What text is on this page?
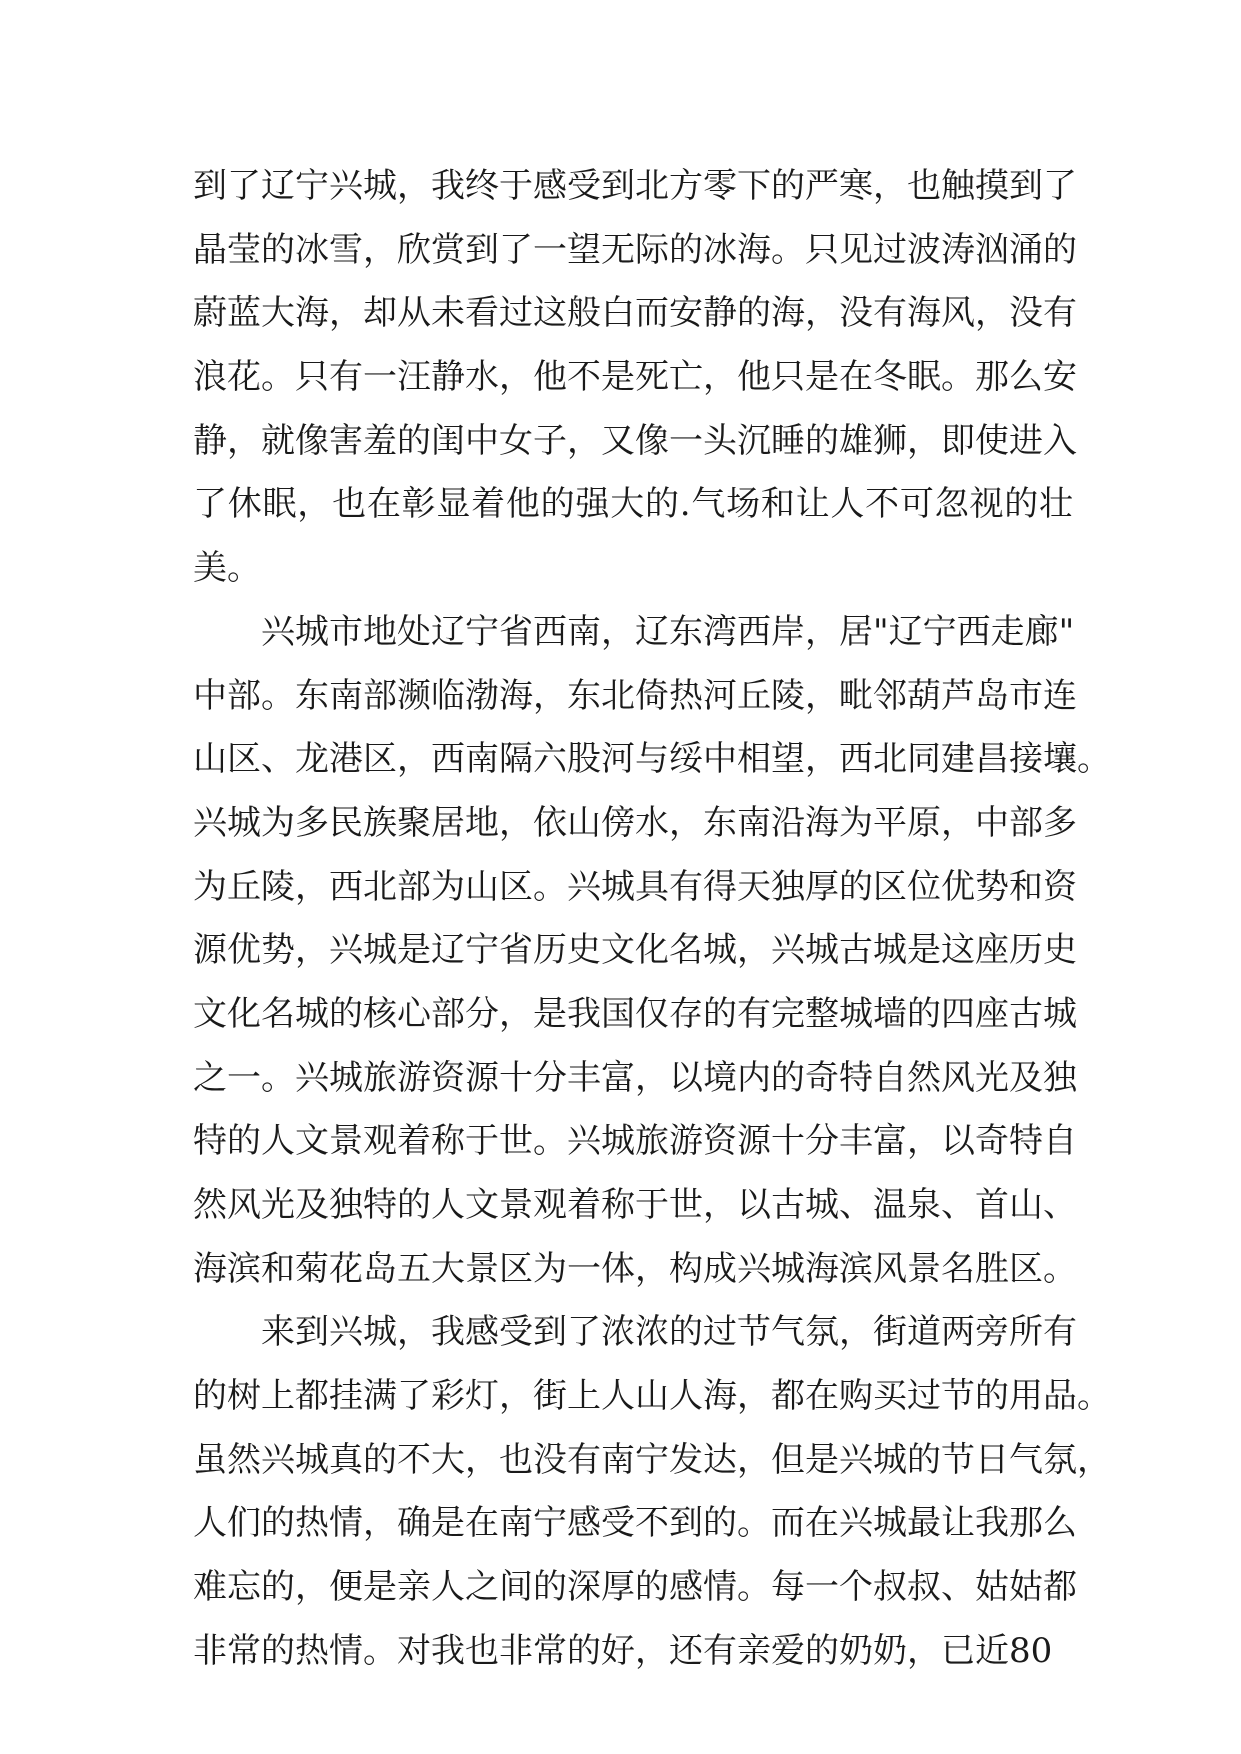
到了辽宁兴城，我终于感受到北方零下的严寒，也触摸到了
晶莹的冰雪，欣赏到了一望无际的冰海。只见过波涛汹涌的
蔚蓝大海，却从未看过这般白而安静的海，没有海风，没有
浪花。只有一汪静水，他不是死亡，他只是在冬眠。那么安
静，就像害羞的闺中女子，又像一头沉睡的雄狮，即使进入
了休眠，也在彰显着他的强大的.气场和让人不可忽视的壮
美。
兴城市地处辽宁省西南，辽东湾西岸，居"辽宁西走廊"
中部。东南部濒临渤海，东北倚热河丘陵，毗邻葫芦岛市连
山区、龙港区，西南隔六股河与绥中相望，西北同建昌接壤。
兴城为多民族聚居地，依山傍水，东南沿海为平原，中部多
为丘陵，西北部为山区。兴城具有得天独厚的区位优势和资
源优势，兴城是辽宁省历史文化名城，兴城古城是这座历史
文化名城的核心部分，是我国仅存的有完整城墙的四座古城
之一。兴城旅游资源十分丰富，以境内的奇特自然风光及独
特的人文景观着称于世。兴城旅游资源十分丰富，以奇特自
然风光及独特的人文景观着称于世，以古城、温泉、首山、
海滨和菊花岛五大景区为一体，构成兴城海滨风景名胜区。
来到兴城，我感受到了浓浓的过节气氛，街道两旁所有
的树上都挂满了彩灯，街上人山人海，都在购买过节的用品。
虽然兴城真的不大，也没有南宁发达，但是兴城的节日气氛，
人们的热情，确是在南宁感受不到的。而在兴城最让我那么
难忘的，便是亲人之间的深厚的感情。每一个叔叔、姑姑都
非常的热情。对我也非常的好，还有亲爱的奶奶，已近80
